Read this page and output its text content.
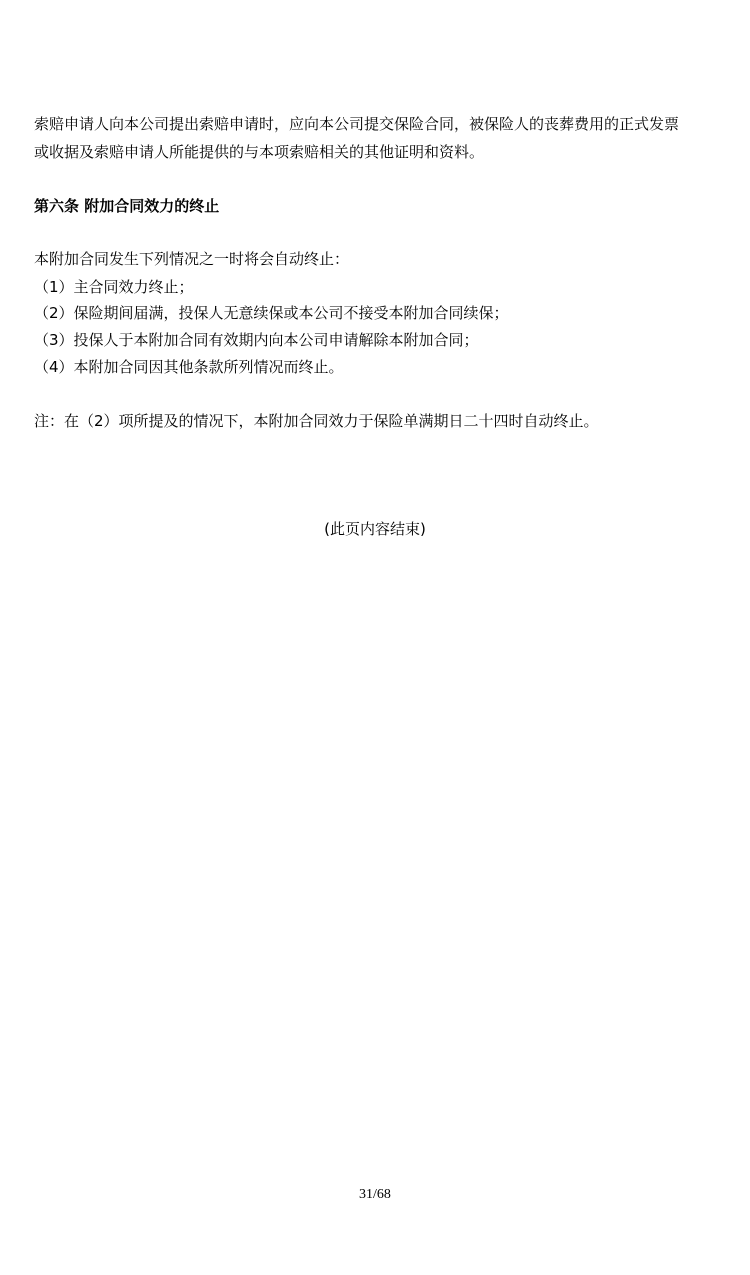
索赔申请人向本公司提出索赔申请时，应向本公司提交保险合同，被保险人的丧葬费用的正式发票
或收据及索赔申请人所能提供的与本项索赔相关的其他证明和资料。
第六条 附加合同效力的终止
本附加合同发生下列情况之一时将会自动终止：
（1）主合同效力终止；
（2）保险期间届满，投保人无意续保或本公司不接受本附加合同续保；
（3）投保人于本附加合同有效期内向本公司申请解除本附加合同；
（4）本附加合同因其他条款所列情况而终止。
注：在（2）项所提及的情况下，本附加合同效力于保险单满期日二十四时自动终止。
(此页内容结束)
31/68
